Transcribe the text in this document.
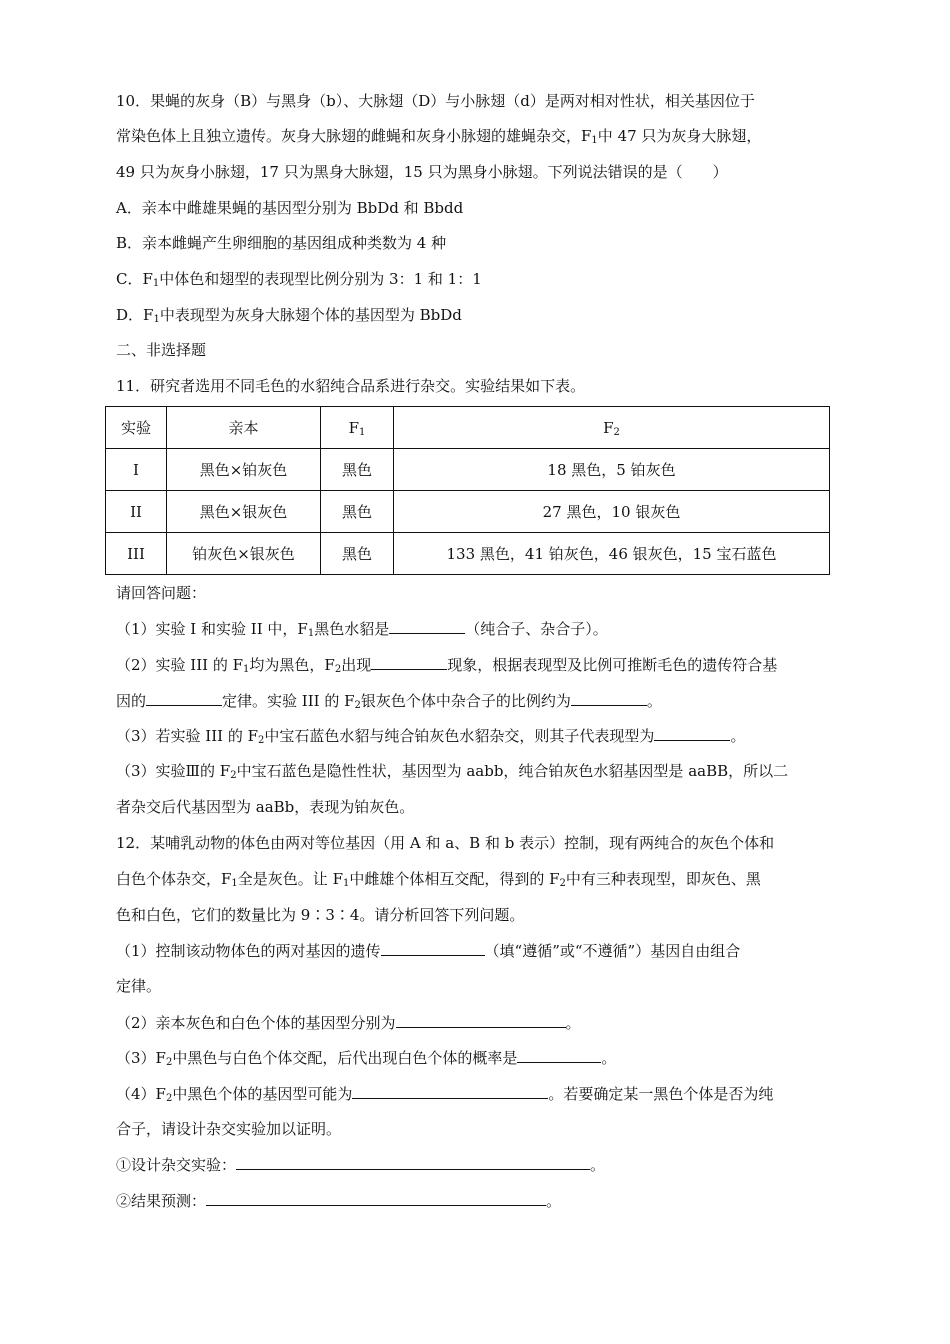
10．果蝇的灰身（B）与黑身（b）、大脉翅（D）与小脉翅（d）是两对相对性状，相关基因位于
常染色体上且独立遗传。灰身大脉翅的雌蝇和灰身小脉翅的雄蝇杂交，$F_1$中 47 只为灰身大脉翅，
49 只为灰身小脉翅，17 只为黑身大脉翅，15 只为黑身小脉翅。下列说法错误的是（　　）
A．亲本中雌雄果蝇的基因型分别为 BbDd 和 Bbdd
B．亲本雌蝇产生卵细胞的基因组成种类数为 4 种
C．$F_1$中体色和翅型的表现型比例分别为 3：1 和 1：1
D．$F_1$中表现型为灰身大脉翅个体的基因型为 BbDd
二、非选择题
11．研究者选用不同毛色的水貂纯合品系进行杂交。实验结果如下表。
实验	亲本	$F_1$	$F_2$
I	黑色×铂灰色	黑色	18 黑色，5 铂灰色
II	黑色×银灰色	黑色	27 黑色，10 银灰色
III	铂灰色×银灰色	黑色	133 黑色，41 铂灰色，46 银灰色，15 宝石蓝色
请回答问题：
（1）实验 I 和实验 II 中，$F_1$黑色水貂是	（纯合子、杂合子）。
（2）实验 III 的 $F_1$均为黑色，$F_2$出现	现象，根据表现型及比例可推断毛色的遗传符合基
因的	定律。实验 III 的 $F_2$银灰色个体中杂合子的比例约为	。
（3）若实验 III 的 $F_2$中宝石蓝色水貂与纯合铂灰色水貂杂交，则其子代表现型为	。
（3）实验Ⅲ的 $F_2$中宝石蓝色是隐性性状，基因型为 aabb，纯合铂灰色水貂基因型是 aaBB，所以二
者杂交后代基因型为 aaBb，表现为铂灰色。
12．某哺乳动物的体色由两对等位基因（用 A 和 a、B 和 b 表示）控制，现有两纯合的灰色个体和
白色个体杂交，$F_1$全是灰色。让 $F_1$中雌雄个体相互交配，得到的 $F_2$中有三种表现型，即灰色、黑
色和白色，它们的数量比为 9∶3∶4。请分析回答下列问题。
（1）控制该动物体色的两对基因的遗传	（填“遵循”或“不遵循”）基因自由组合
定律。
（2）亲本灰色和白色个体的基因型分别为	。
$(3)F_2$中黑色与白色个体交配，后代出现白色个体的概率是	。
$(4)F_2$中黑色个体的基因型可能为	。若要确定某一黑色个体是否为纯
合子，请设计杂交实验加以证明。
①设计杂交实验：	。
②结果预测：	。
